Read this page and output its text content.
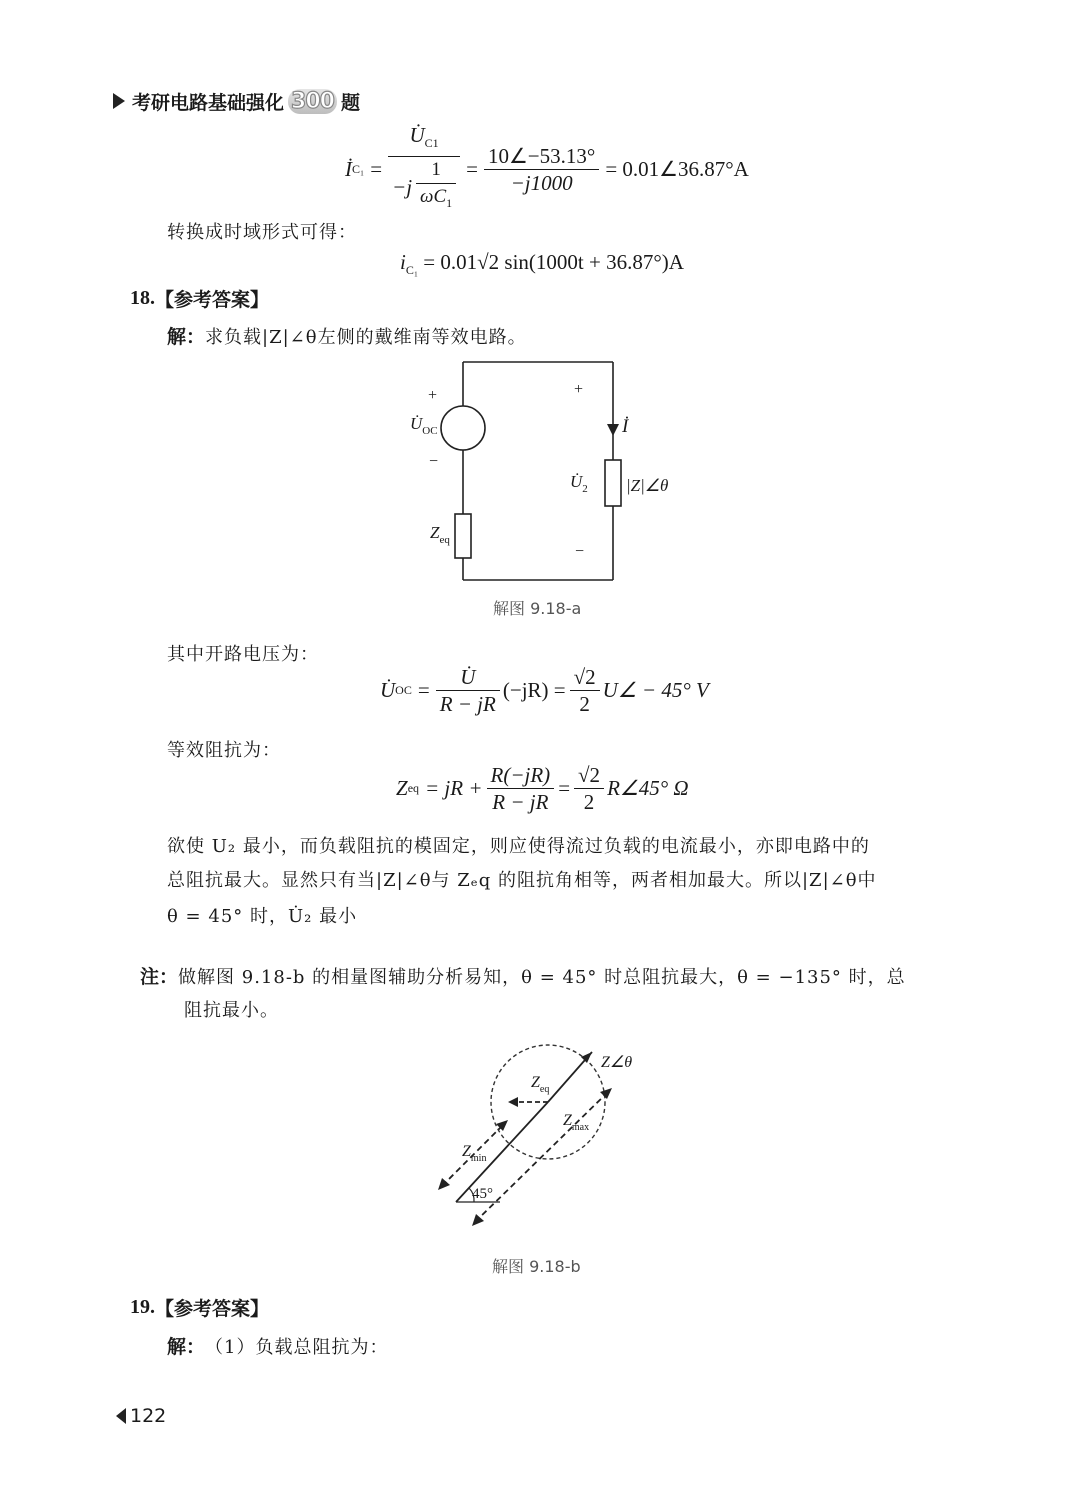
考研电路基础强化 300 题
İ $C_1 = \frac{U̇_{C1}}{-j \frac{1}{\omega C_1}} = \frac{10\angle-53.13^\circ}{-j1000}$ = 0.01∠36.87°A
转换成时域形式可得：
$i_{C_1} = 0.01√2$ sin(1000t + 36.87°)A
18. 【参考答案】
解： 求负载|Z|∠θ左侧的戴维南等效电路。
+
$U̇_{OC}$
−
+
İ
$U̇_2$ |Z|∠θ
$Z_{eq}$
−
解图 9.18-a
其中开路电压为：
U̇ OC = $\frac{U̇}{R - jR} (-jR) = \frac{√2}{2}$ U∠ − 45° V
等效阻抗为：
Z eq = jR + $\frac{R(-jR)}{R - jR} = \frac{√2}{2}$ R∠45° Ω
欲使 U₂ 最小，而负载阻抗的模固定，则应使得流过负载的电流最小，亦即电路中的
总阻抗最大。显然只有当|Z|∠θ与 Zₑq 的阻抗角相等，两者相加最大。所以|Z|∠θ中
θ = 45° 时，U̇₂ 最小
注： 做解图 9.18-b 的相量图辅助分析易知，θ = 45° 时总阻抗最大，θ = −135° 时，总
阻抗最小。
Z∠θ
$Z_{eq}$
$Z_{max}$
$Z_{min}$
45°
解图 9.18-b
19. 【参考答案】
解： （1）负载总阻抗为：
122
